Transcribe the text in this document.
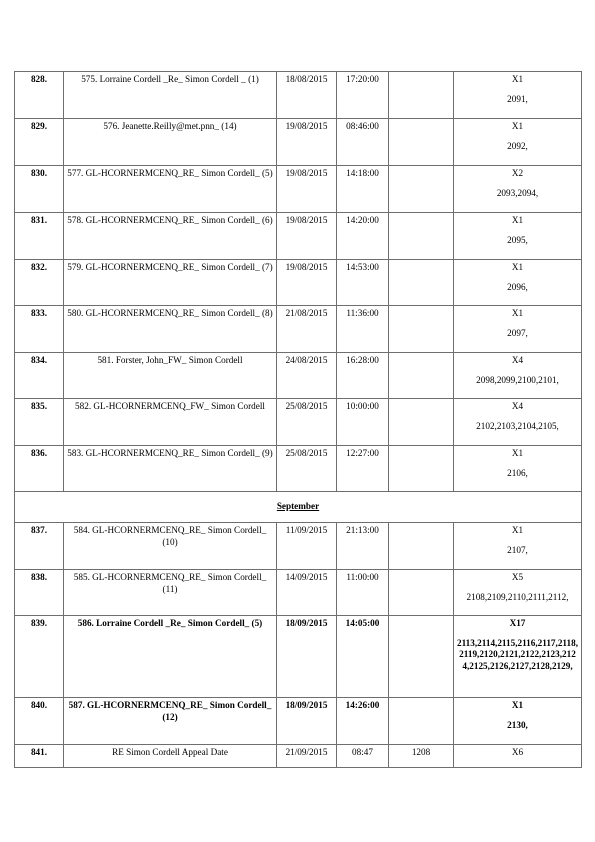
828.	575. Lorraine Cordell _Re_ Simon Cordell _ (1)	18/08/2015	17:20:00		X1
2091,

829.	576. Jeanette.Reilly@met.pnn_ (14)	19/08/2015	08:46:00		X1
2092,

830.	577. GL-HCORNERMCENQ_RE_ Simon Cordell_ (5)	19/08/2015	14:18:00		X2
2093,2094,

831.	578. GL-HCORNERMCENQ_RE_ Simon Cordell_ (6)	19/08/2015	14:20:00		X1
2095,

832.	579. GL-HCORNERMCENQ_RE_ Simon Cordell_ (7)	19/08/2015	14:53:00		X1
2096,

833.	580. GL-HCORNERMCENQ_RE_ Simon Cordell_ (8)	21/08/2015	11:36:00		X1
2097,

834.	581. Forster, John_FW_ Simon Cordell	24/08/2015	16:28:00		X4
2098,2099,2100,2101,

835.	582. GL-HCORNERMCENQ_FW_ Simon Cordell	25/08/2015	10:00:00		X4
2102,2103,2104,2105,

836.	583. GL-HCORNERMCENQ_RE_ Simon Cordell_ (9)	25/08/2015	12:27:00		X1
2106,

September					
837.	584. GL-HCORNERMCENQ_RE_ Simon Cordell_ (10)	11/09/2015	21:13:00		X1
2107,

838.	585. GL-HCORNERMCENQ_RE_ Simon Cordell_ (11)	14/09/2015	11:00:00		X5
2108,2109,2110,2111,2112,

839.	586. Lorraine Cordell _Re_ Simon Cordell_ (5)	18/09/2015	14:05:00		X17
2113,2114,2115,2116,2117,2118,2119,2120,2121,2122,2123,2124,2125,2126,2127,2128,2129,

840.	587. GL-HCORNERMCENQ_RE_ Simon Cordell_ (12)	18/09/2015	14:26:00		X1
2130,

841.	RE Simon Cordell Appeal Date	21/09/2015	08:47	1208	X6
